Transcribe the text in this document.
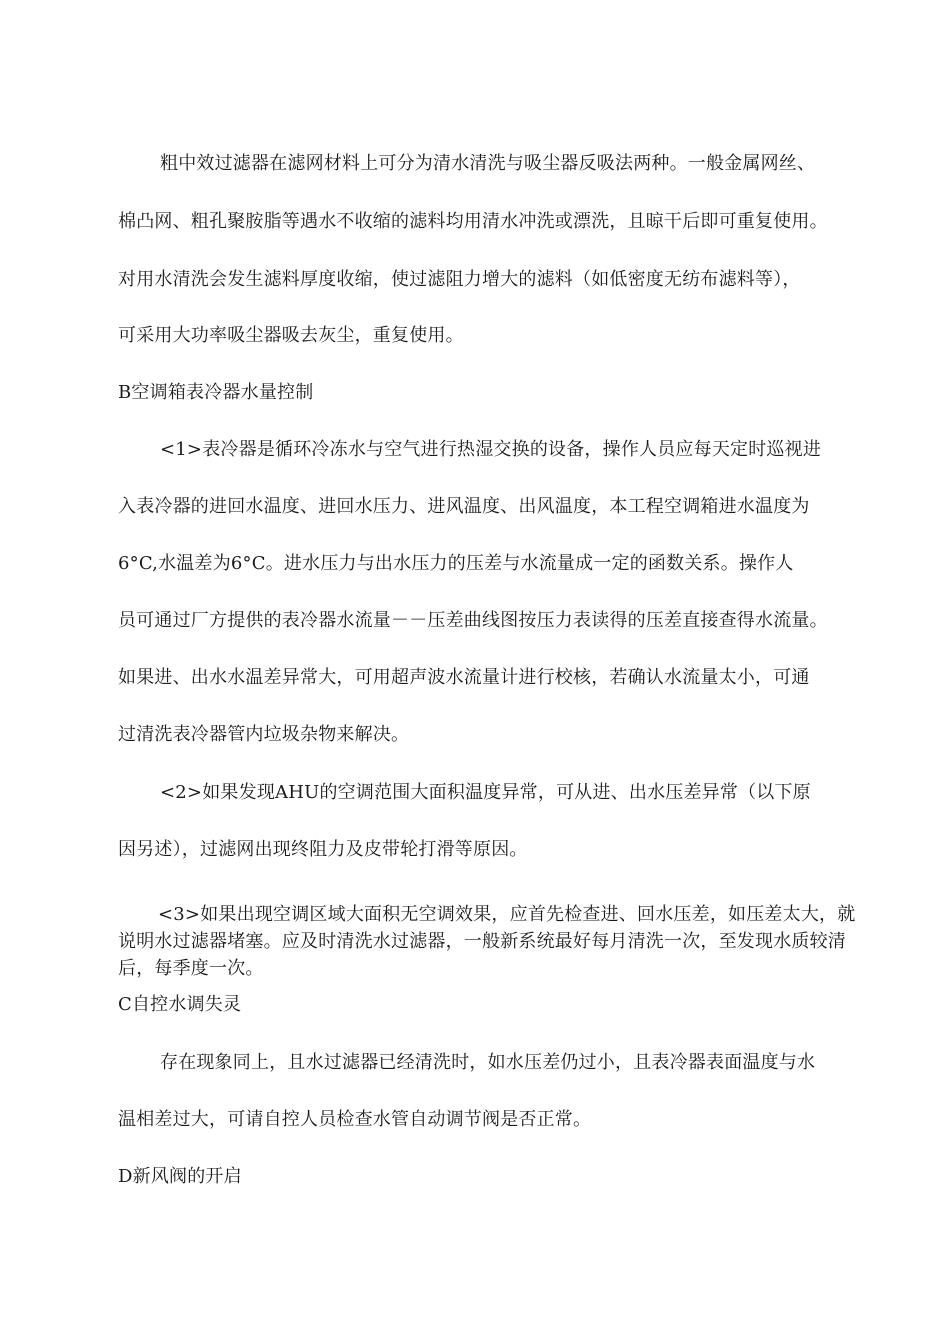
粗中效过滤器在滤网材料上可分为清水清洗与吸尘器反吸法两种。一般金属网丝、
棉凸网、粗孔聚胺脂等遇水不收缩的滤料均用清水冲洗或漂洗，且晾干后即可重复使用。
对用水清洗会发生滤料厚度收缩，使过滤阻力增大的滤料（如低密度无纺布滤料等），
可采用大功率吸尘器吸去灰尘，重复使用。
B空调箱表冷器水量控制
<1>表冷器是循环冷冻水与空气进行热湿交换的设备，操作人员应每天定时巡视进
入表冷器的进回水温度、进回水压力、进风温度、出风温度，本工程空调箱进水温度为
6°C,水温差为6°C。进水压力与出水压力的压差与水流量成一定的函数关系。操作人
员可通过厂方提供的表冷器水流量－－压差曲线图按压力表读得的压差直接查得水流量。
如果进、出水水温差异常大，可用超声波水流量计进行校核，若确认水流量太小，可通
过清洗表冷器管内垃圾杂物来解决。
<2>如果发现AHU的空调范围大面积温度异常，可从进、出水压差异常（以下原
因另述），过滤网出现终阻力及皮带轮打滑等原因。
<3>如果出现空调区域大面积无空调效果，应首先检查进、回水压差，如压差太大，就说明水过滤器堵塞。应及时清洗水过滤器，一般新系统最好每月清洗一次，至发现水质较清后，每季度一次。
C自控水调失灵
存在现象同上，且水过滤器已经清洗时，如水压差仍过小，且表冷器表面温度与水
温相差过大，可请自控人员检查水管自动调节阀是否正常。
D新风阀的开启
